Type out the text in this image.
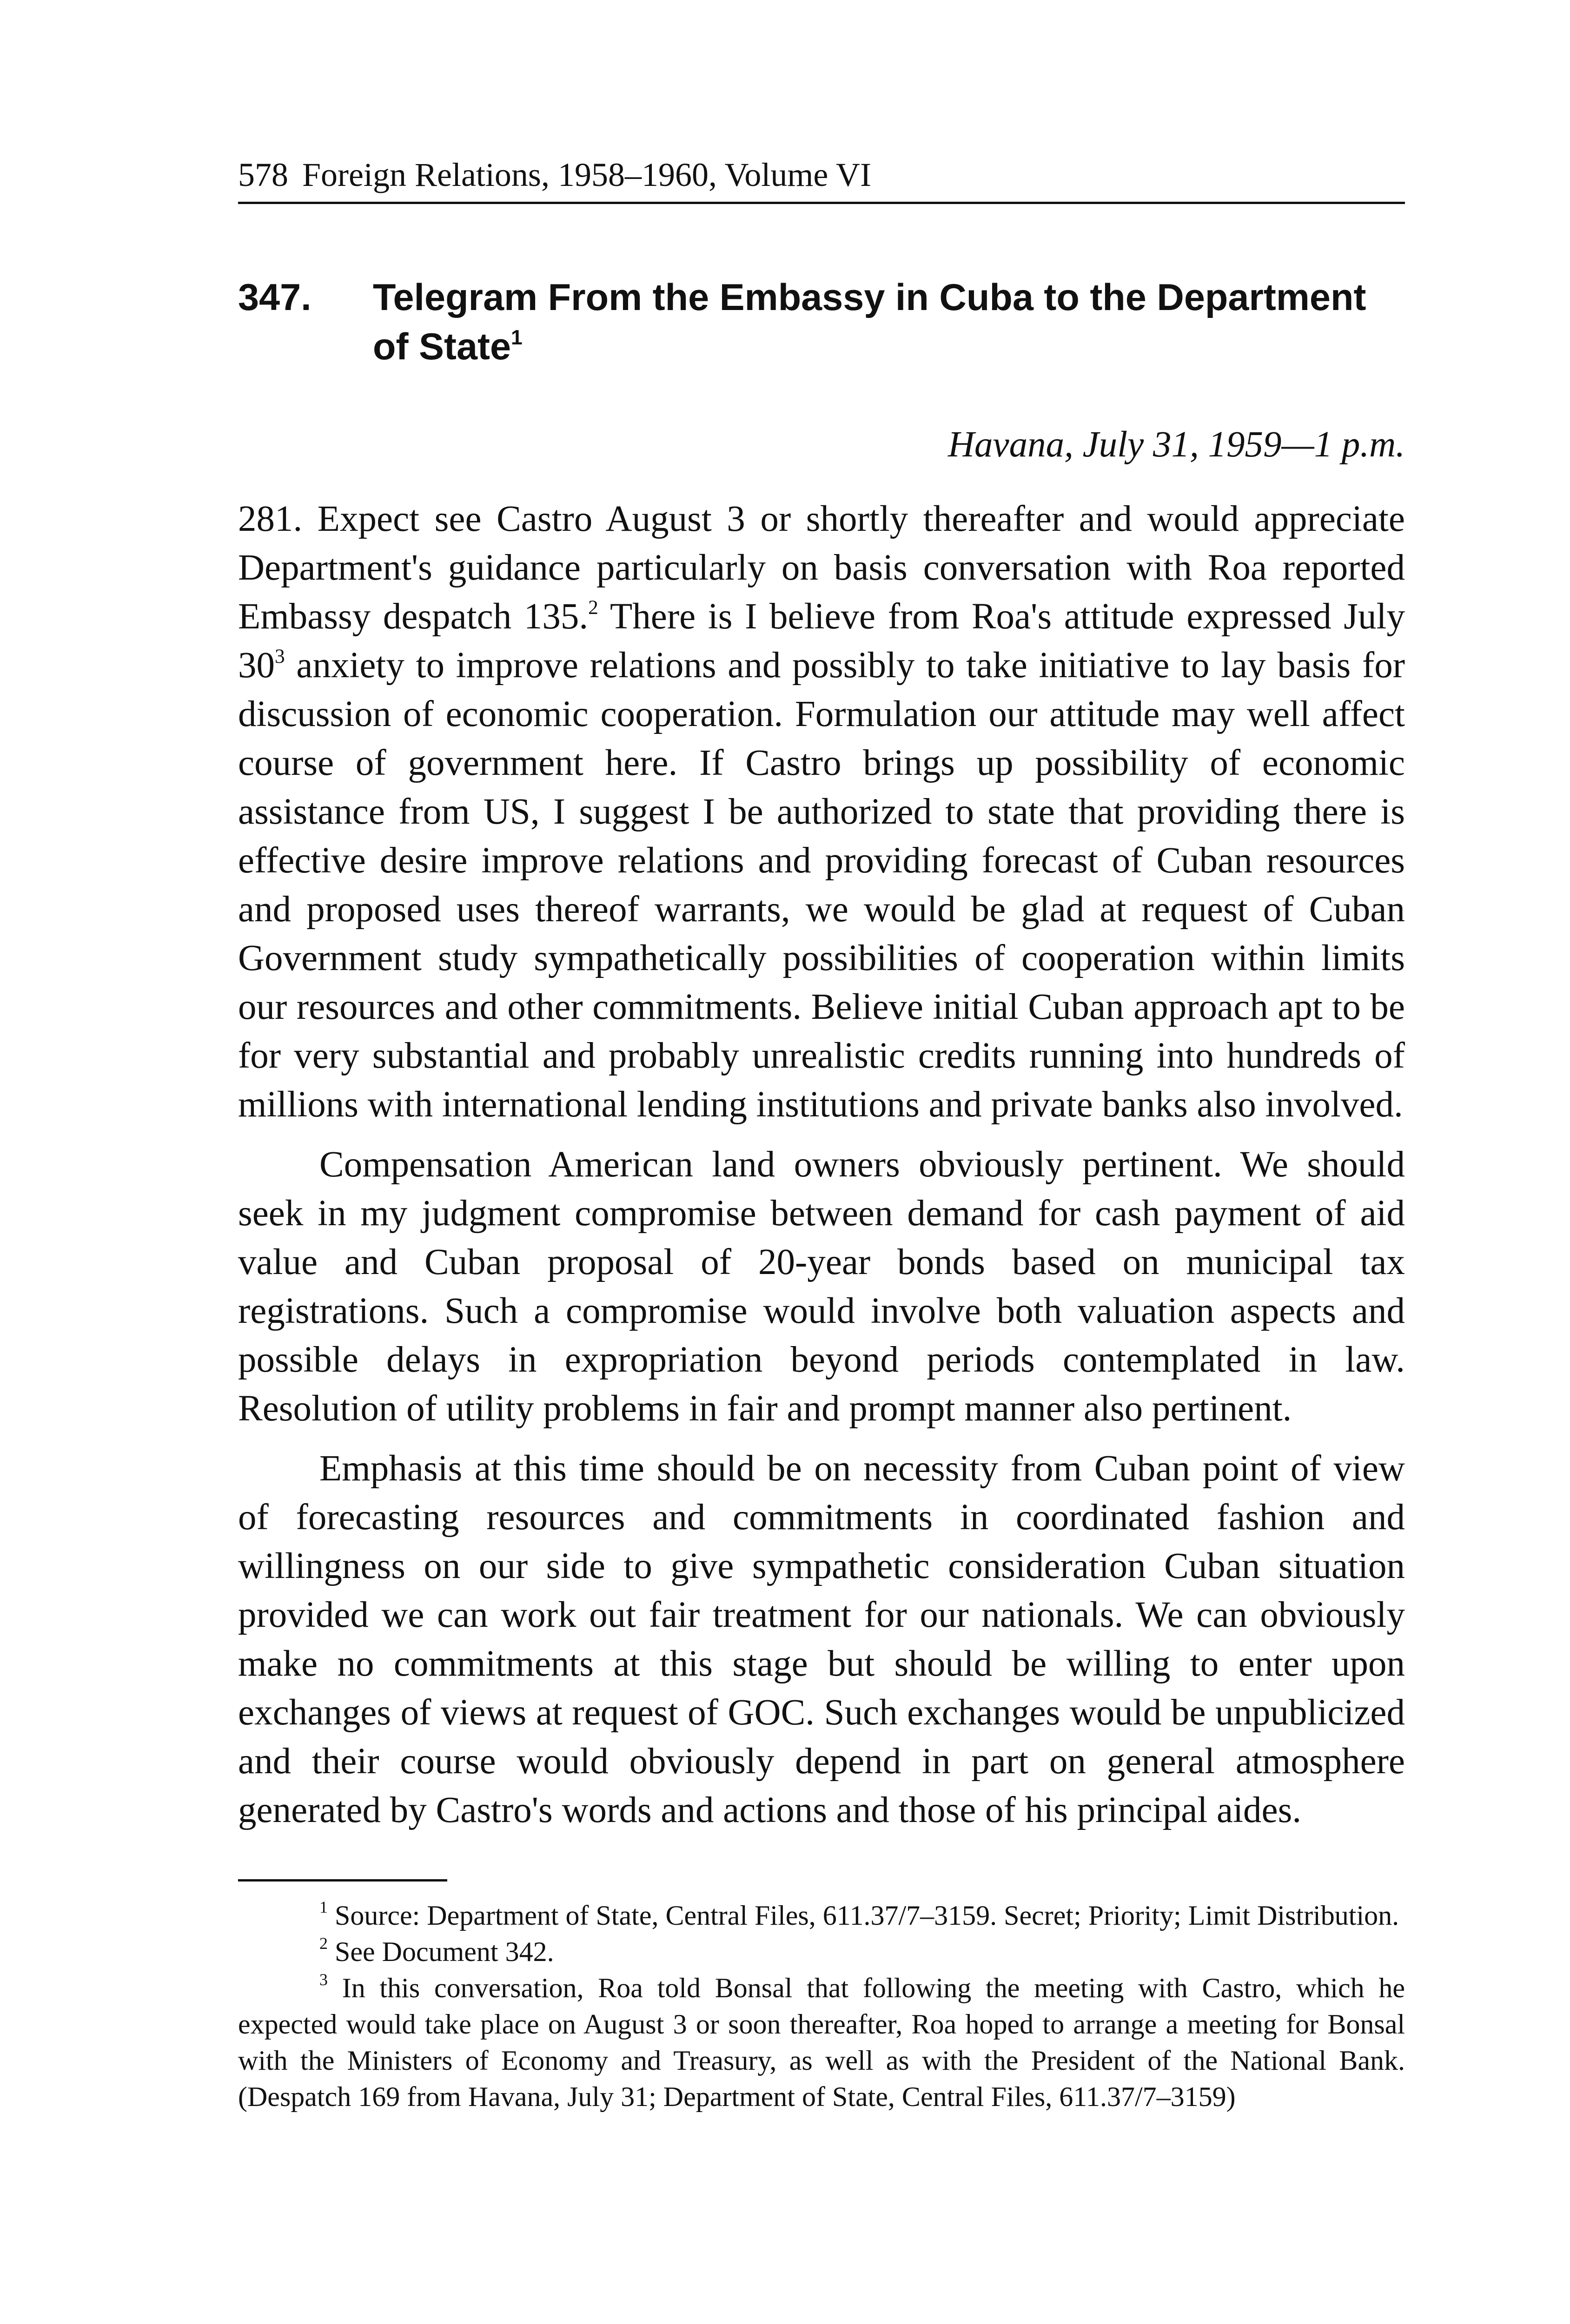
578 Foreign Relations, 1958–1960, Volume VI
347.	Telegram From the Embassy in Cuba to the Department of State$^1$
Havana, July 31, 1959—1 p.m.

281. Expect see Castro August 3 or shortly thereafter and would appreciate Department's guidance particularly on basis conversation with Roa reported Embassy despatch 135.$^2$ There is I believe from Roa's attitude expressed July $30^3$ anxiety to improve relations and possibly to take initiative to lay basis for discussion of economic cooperation. Formulation our attitude may well affect course of government here. If Castro brings up possibility of economic assistance from US, I suggest I be authorized to state that providing there is effective desire improve relations and providing forecast of Cuban resources and proposed uses thereof warrants, we would be glad at request of Cuban Government study sympathetically possibilities of cooperation within limits our resources and other commitments. Believe initial Cuban approach apt to be for very substantial and probably unrealistic credits running into hundreds of millions with international lending institutions and private banks also involved.

Compensation American land owners obviously pertinent. We should seek in my judgment compromise between demand for cash payment of aid value and Cuban proposal of 20-year bonds based on municipal tax registrations. Such a compromise would involve both valuation aspects and possible delays in expropriation beyond periods contemplated in law. Resolution of utility problems in fair and prompt manner also pertinent.

Emphasis at this time should be on necessity from Cuban point of view of forecasting resources and commitments in coordinated fashion and willingness on our side to give sympathetic consideration Cuban situation provided we can work out fair treatment for our nationals. We can obviously make no commitments at this stage but should be willing to enter upon exchanges of views at request of GOC. Such exchanges would be unpublicized and their course would obviously depend in part on general atmosphere generated by Castro's words and actions and those of his principal aides.

$^1$ Source: Department of State, Central Files, 611.37/7–3159. Secret; Priority; Limit Distribution.

$^2$ See Document 342.

$^3$ In this conversation, Roa told Bonsal that following the meeting with Castro, which he expected would take place on August 3 or soon thereafter, Roa hoped to arrange a meeting for Bonsal with the Ministers of Economy and Treasury, as well as with the President of the National Bank. (Despatch 169 from Havana, July 31; Department of State, Central Files, 611.37/7–3159)
